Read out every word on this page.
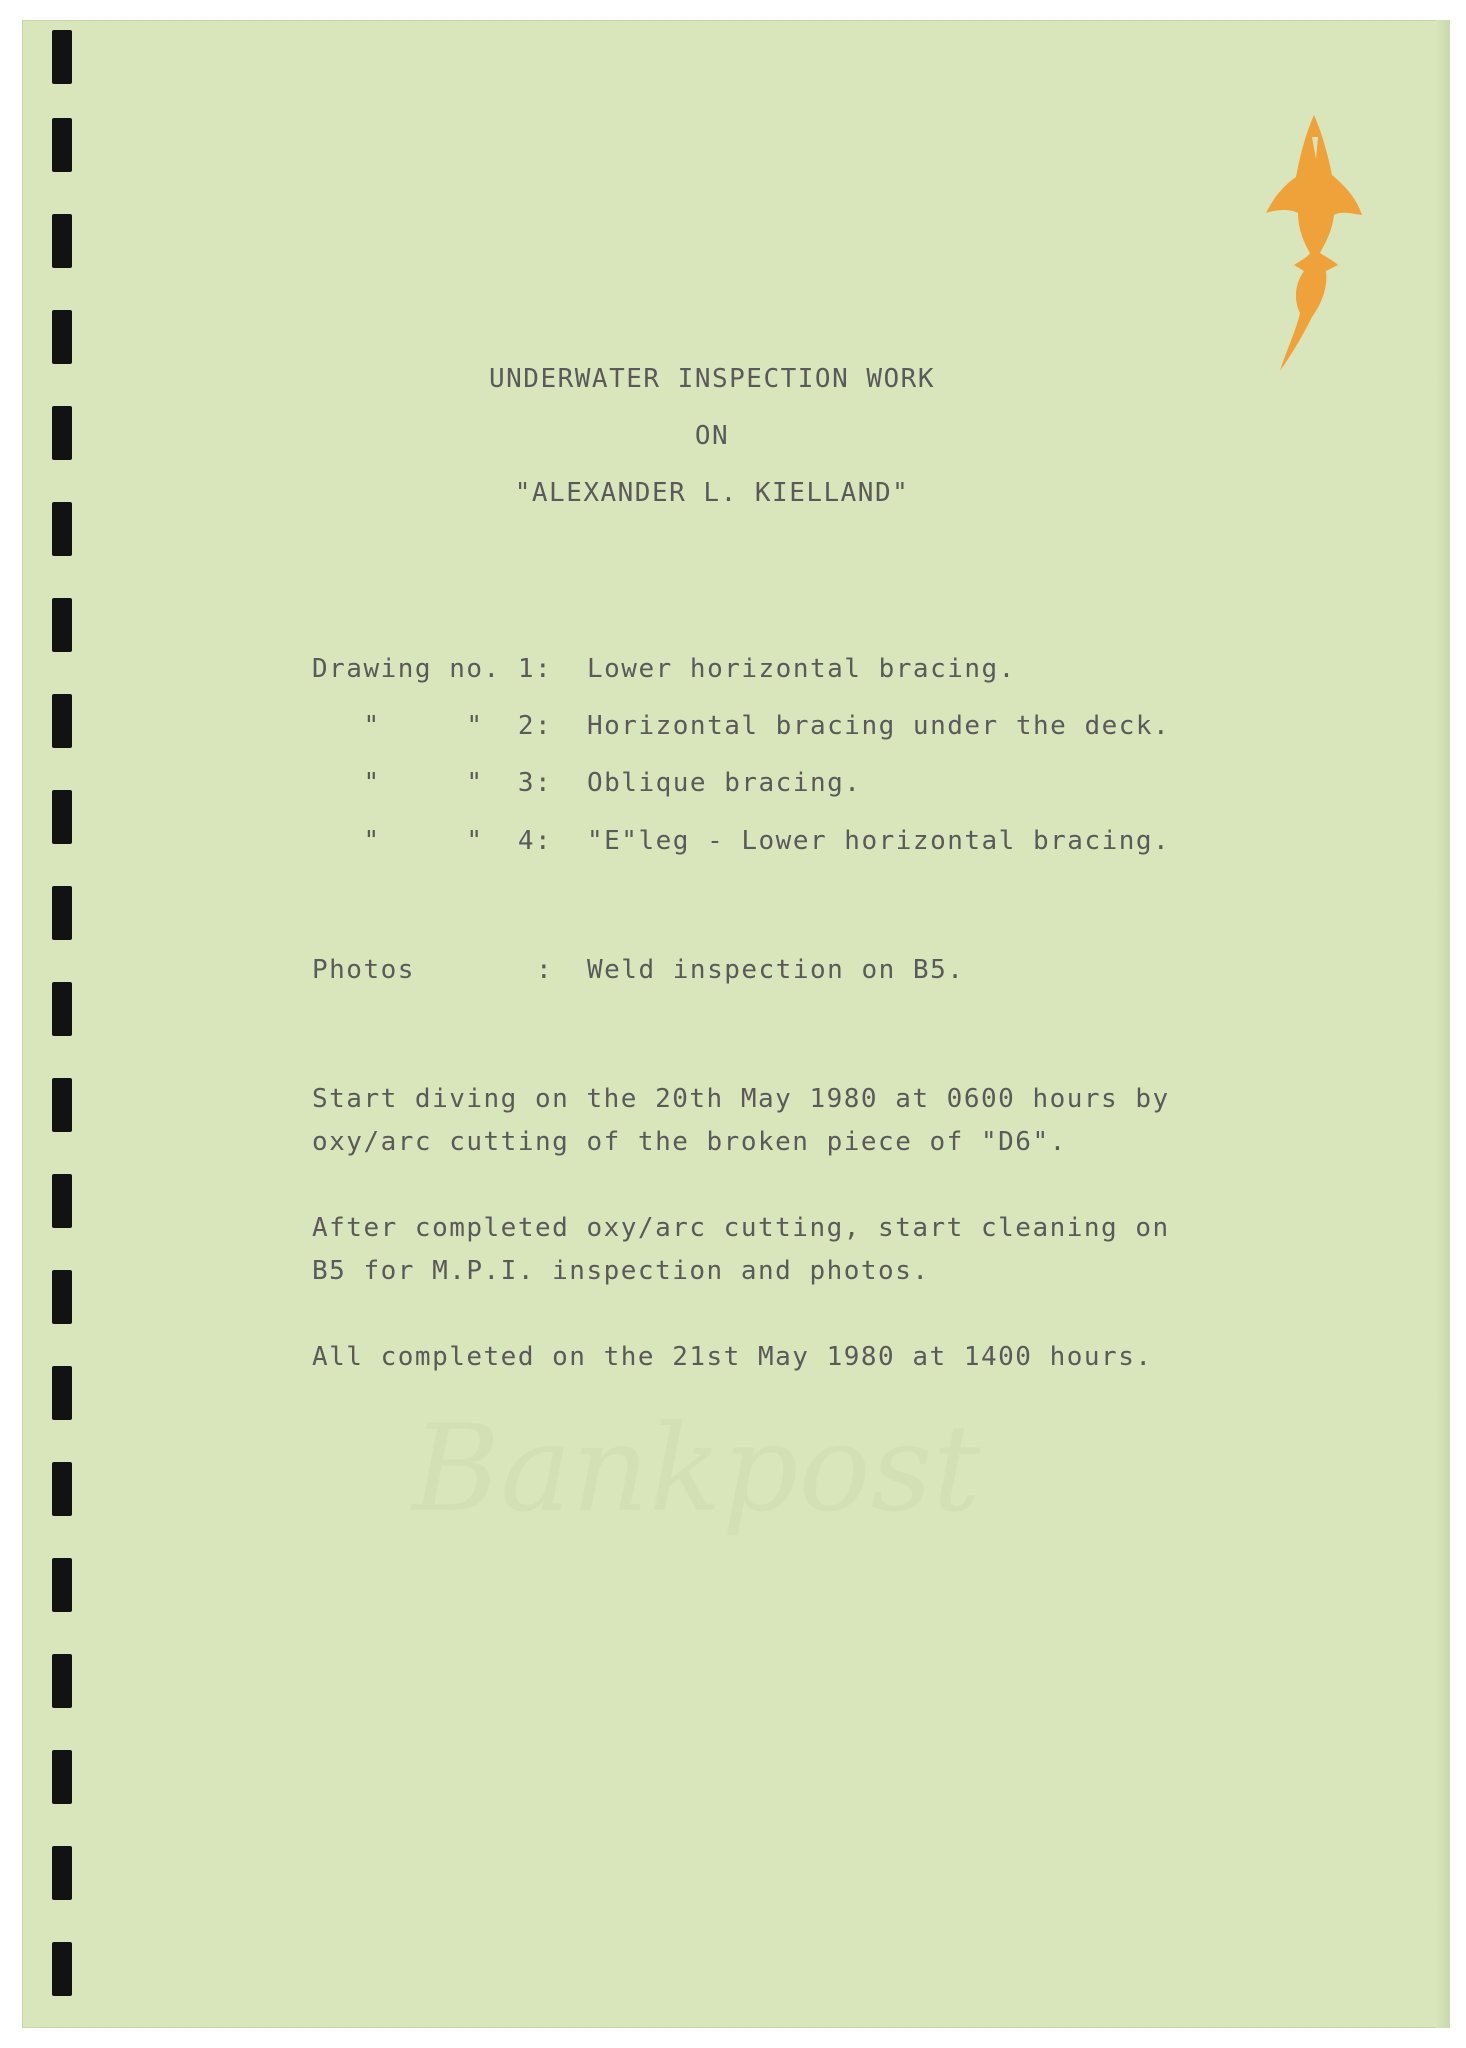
UNDERWATER INSPECTION WORK

ON

"ALEXANDER L. KIELLAND"

Drawing no. 1: Lower horizontal bracing.

"     "  2: Horizontal bracing under the deck.

"     "  3: Oblique bracing.

"     "  4: "E"leg - Lower horizontal bracing.

Photos	: Weld inspection on B5.

Start diving on the 20th May 1980 at 0600 hours by

oxy/arc cutting of the broken piece of "D6".

After completed oxy/arc cutting, start cleaning on

B5 for M.P.I. inspection and photos.

All completed on the 21st May 1980 at 1400 hours.
